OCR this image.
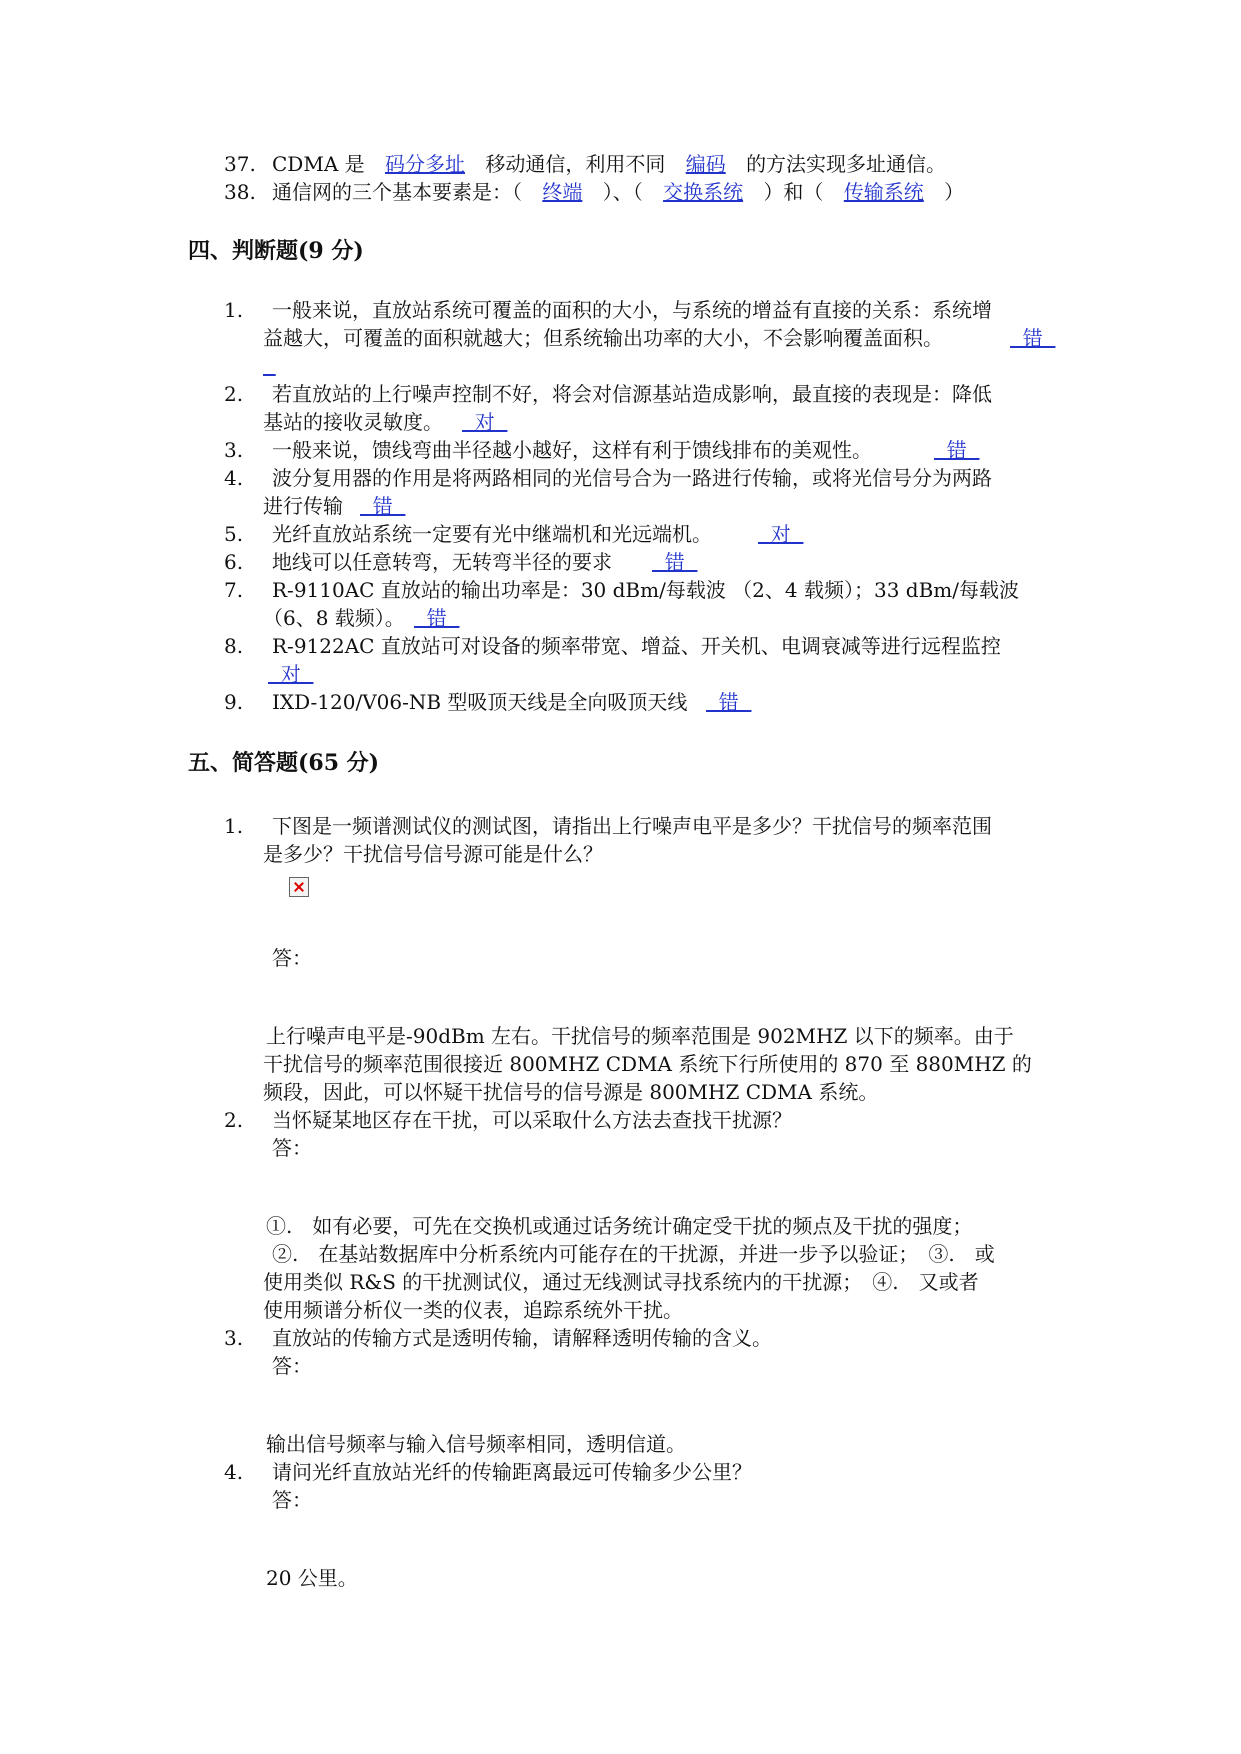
37. CDMA 是 码分多址 移动通信，利用不同 编码 的方法实现多址通信。
38. 通信网的三个基本要素是：（ 终端 ）、（ 交换系统 ）和（ 传输系统 ）
四、判断题(9 分)
1. 一般来说，直放站系统可覆盖的面积的大小，与系统的增益有直接的关系：系统增
益越大，可覆盖的面积就越大；但系统输出功率的大小，不会影响覆盖面积。	错

2. 若直放站的上行噪声控制不好，将会对信源基站造成影响，最直接的表现是：降低
基站的接收灵敏度。 对
3. 一般来说，馈线弯曲半径越小越好，这样有利于馈线排布的美观性。	错
4. 波分复用器的作用是将两路相同的光信号合为一路进行传输，或将光信号分为两路
进行传输 错
5. 光纤直放站系统一定要有光中继端机和光远端机。 对
6. 地线可以任意转弯，无转弯半径的要求 错
7. R-9110AC 直放站的输出功率是：30 dBm/每载波 （2、4 载频）；33 dBm/每载波
（6、8 载频）。 错
8. R-9122AC 直放站可对设备的频率带宽、增益、开关机、电调衰减等进行远程监控
对
9. IXD-120/V06-NB 型吸顶天线是全向吸顶天线 错
五、简答题(65 分)
1. 下图是一频谱测试仪的测试图，请指出上行噪声电平是多少？干扰信号的频率范围
是多少？干扰信号信号源可能是什么？
答：
上行噪声电平是-90dBm 左右。干扰信号的频率范围是 902MHZ 以下的频率。由于
干扰信号的频率范围很接近 800MHZ CDMA 系统下行所使用的 870 至 880MHZ 的
频段，因此，可以怀疑干扰信号的信号源是 800MHZ CDMA 系统。
2. 当怀疑某地区存在干扰，可以采取什么方法去查找干扰源？
答：
①.　如有必要，可先在交换机或通过话务统计确定受干扰的频点及干扰的强度；
②.　在基站数据库中分析系统内可能存在的干扰源，并进一步予以验证；　③.　或
使用类似 R&S 的干扰测试仪，通过无线测试寻找系统内的干扰源；　④.　又或者
使用频谱分析仪一类的仪表，追踪系统外干扰。
3. 直放站的传输方式是透明传输，请解释透明传输的含义。
答：
输出信号频率与输入信号频率相同，透明信道。
4. 请问光纤直放站光纤的传输距离最远可传输多少公里？
答：
20 公里。
